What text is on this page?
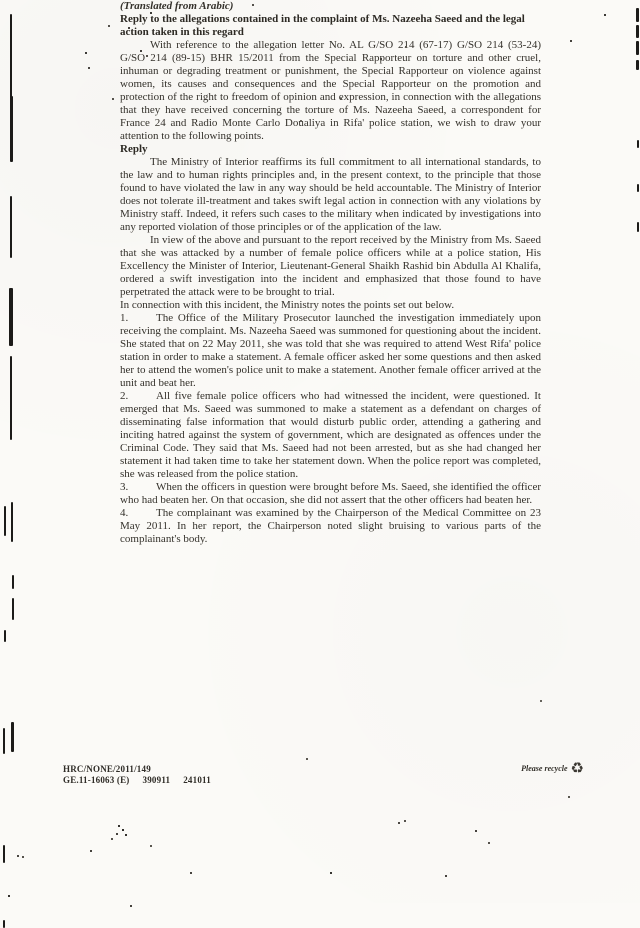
(Translated from Arabic)

Reply to the allegations contained in the complaint of Ms. Nazeeha Saeed and the legal action taken in this regard

With reference to the allegation letter No. AL G/SO 214 (67-17) G/SO 214 (53-24) G/SO 214 (89-15) BHR 15/2011 from the Special Rapporteur on torture and other cruel, inhuman or degrading treatment or punishment, the Special Rapporteur on violence against women, its causes and consequences and the Special Rapporteur on the promotion and protection of the right to freedom of opinion and expression, in connection with the allegations that they have received concerning the torture of Ms. Nazeeha Saeed, a correspondent for France 24 and Radio Monte Carlo Doualiya in Rifa' police station, we wish to draw your attention to the following points.

Reply

The Ministry of Interior reaffirms its full commitment to all international standards, to the law and to human rights principles and, in the present context, to the principle that those found to have violated the law in any way should be held accountable. The Ministry of Interior does not tolerate ill-treatment and takes swift legal action in connection with any violations by Ministry staff. Indeed, it refers such cases to the military when indicated by investigations into any reported violation of those principles or of the application of the law.

In view of the above and pursuant to the report received by the Ministry from Ms. Saeed that she was attacked by a number of female police officers while at a police station, His Excellency the Minister of Interior, Lieutenant-General Shaikh Rashid bin Abdulla Al Khalifa, ordered a swift investigation into the incident and emphasized that those found to have perpetrated the attack were to be brought to trial.

In connection with this incident, the Ministry notes the points set out below.

1.	The Office of the Military Prosecutor launched the investigation immediately upon receiving the complaint. Ms. Nazeeha Saeed was summoned for questioning about the incident. She stated that on 22 May 2011, she was told that she was required to attend West Rifa' police station in order to make a statement. A female officer asked her some questions and then asked her to attend the women's police unit to make a statement. Another female officer arrived at the unit and beat her.

2.	All five female police officers who had witnessed the incident, were questioned. It emerged that Ms. Saeed was summoned to make a statement as a defendant on charges of disseminating false information that would disturb public order, attending a gathering and inciting hatred against the system of government, which are designated as offences under the Criminal Code. They said that Ms. Saeed had not been arrested, but as she had changed her statement it had taken time to take her statement down. When the police report was completed, she was released from the police station.

3.	When the officers in question were brought before Ms. Saeed, she identified the officer who had beaten her. On that occasion, she did not assert that the other officers had beaten her.

4.	The complainant was examined by the Chairperson of the Medical Committee on 23 May 2011. In her report, the Chairperson noted slight bruising to various parts of the complainant's body.

HRC/NONE/2011/149
GE.11-16063 (E) 390911 241011
Please recycle ♻
